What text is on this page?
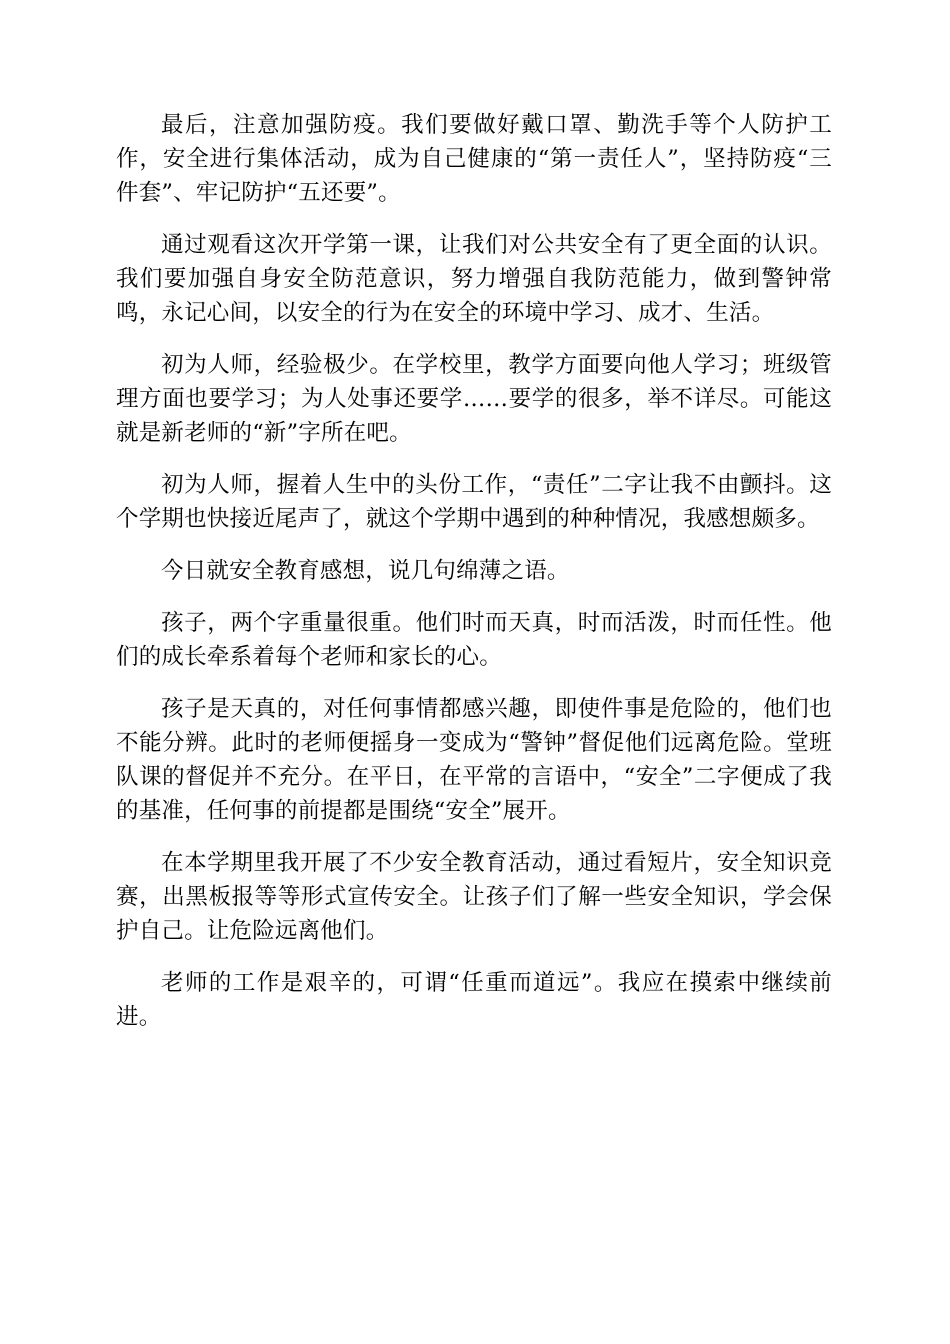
最后，注意加强防疫。我们要做好戴口罩、勤洗手等个人防护工作，安全进行集体活动，成为自己健康的“第一责任人”，坚持防疫“三件套”、牢记防护“五还要”。

通过观看这次开学第一课，让我们对公共安全有了更全面的认识。我们要加强自身安全防范意识，努力增强自我防范能力，做到警钟常鸣，永记心间，以安全的行为在安全的环境中学习、成才、生活。

初为人师，经验极少。在学校里，教学方面要向他人学习；班级管理方面也要学习；为人处事还要学……要学的很多，举不详尽。可能这就是新老师的“新”字所在吧。

初为人师，握着人生中的头份工作，“责任”二字让我不由颤抖。这个学期也快接近尾声了，就这个学期中遇到的种种情况，我感想颇多。

今日就安全教育感想，说几句绵薄之语。

孩子，两个字重量很重。他们时而天真，时而活泼，时而任性。他们的成长牵系着每个老师和家长的心。

孩子是天真的，对任何事情都感兴趣，即使件事是危险的，他们也不能分辨。此时的老师便摇身一变成为“警钟”督促他们远离危险。堂班队课的督促并不充分。在平日，在平常的言语中，“安全”二字便成了我的基准，任何事的前提都是围绕“安全”展开。

在本学期里我开展了不少安全教育活动，通过看短片，安全知识竞赛，出黑板报等等形式宣传安全。让孩子们了解一些安全知识，学会保护自己。让危险远离他们。

老师的工作是艰辛的，可谓“任重而道远”。我应在摸索中继续前进。
